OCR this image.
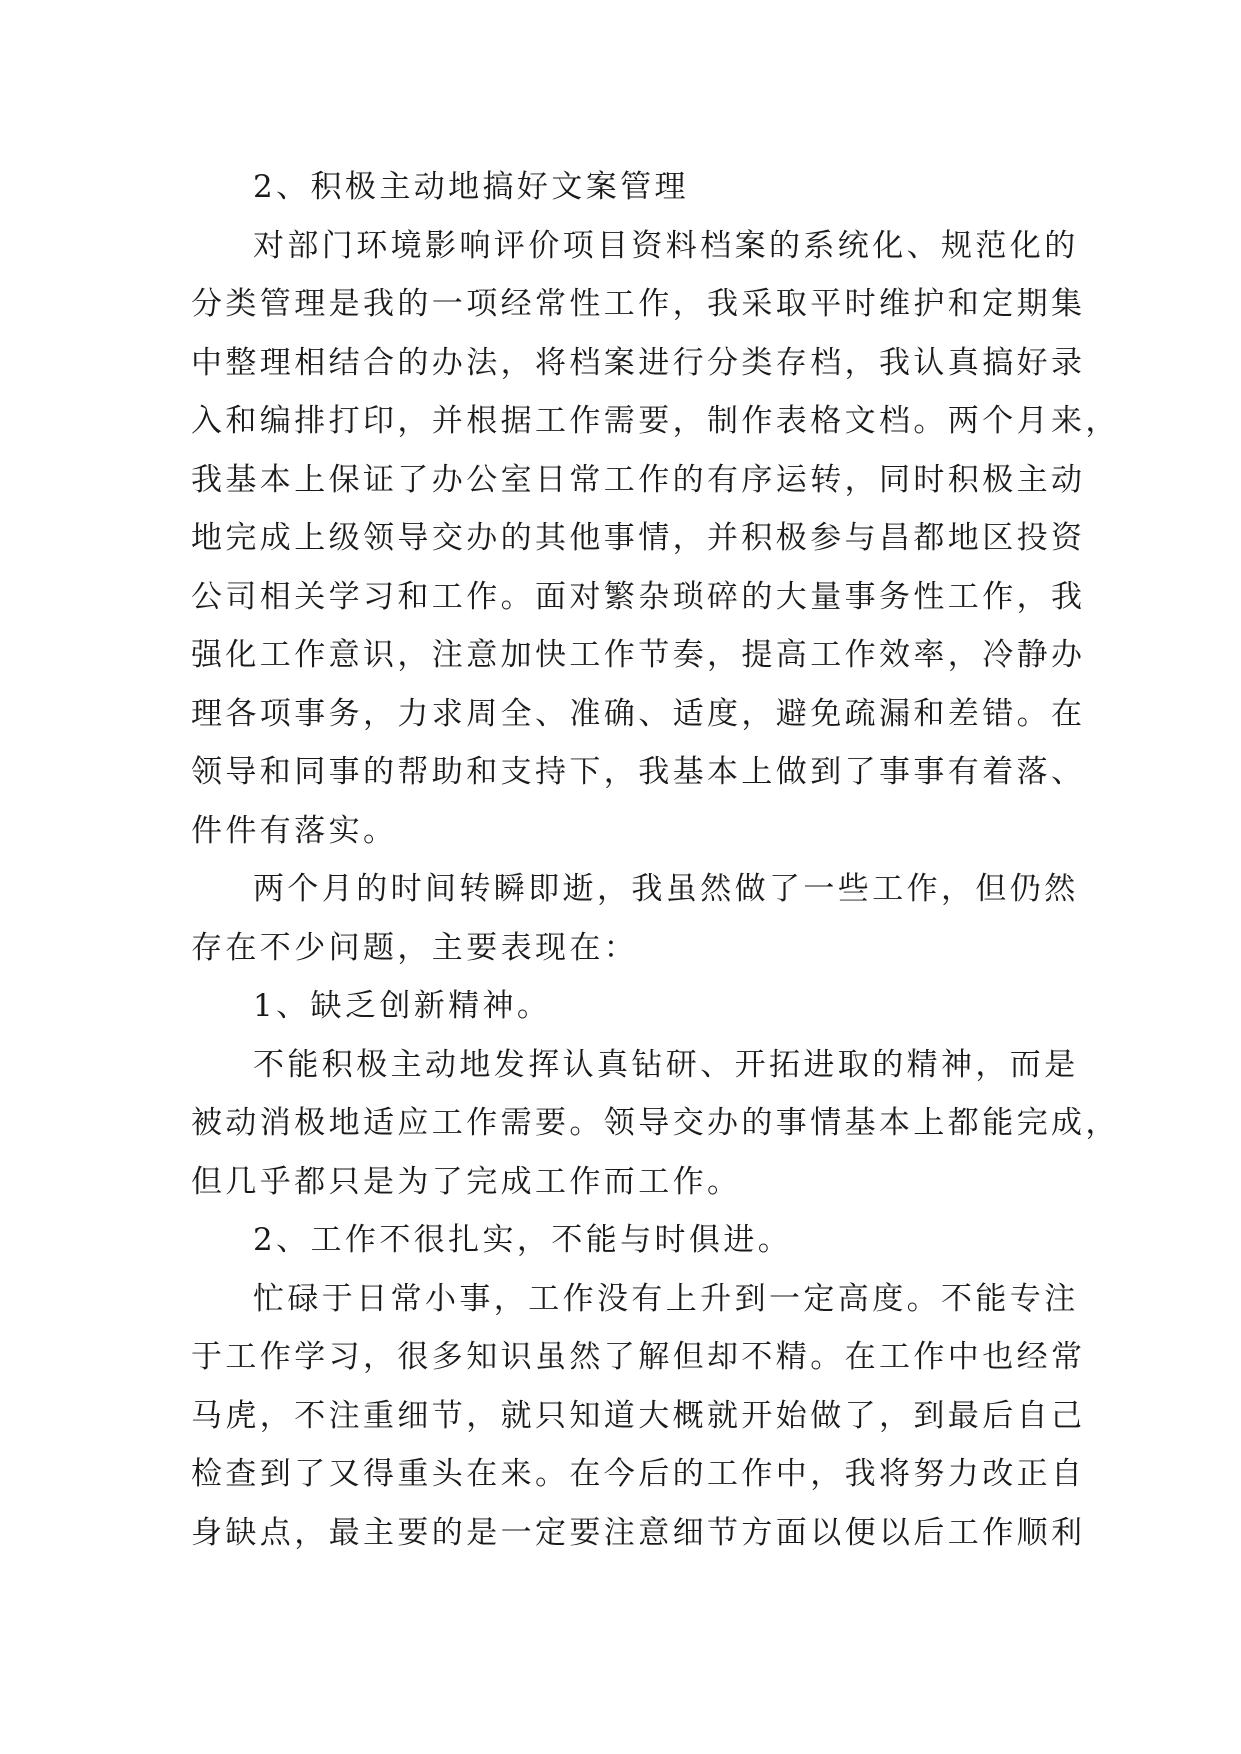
2、积极主动地搞好文案管理
对部门环境影响评价项目资料档案的系统化、规范化的
分类管理是我的一项经常性工作，我采取平时维护和定期集
中整理相结合的办法，将档案进行分类存档，我认真搞好录
入和编排打印，并根据工作需要，制作表格文档。两个月来，
我基本上保证了办公室日常工作的有序运转，同时积极主动
地完成上级领导交办的其他事情，并积极参与昌都地区投资
公司相关学习和工作。面对繁杂琐碎的大量事务性工作，我
强化工作意识，注意加快工作节奏，提高工作效率，冷静办
理各项事务，力求周全、准确、适度，避免疏漏和差错。在
领导和同事的帮助和支持下，我基本上做到了事事有着落、
件件有落实。
两个月的时间转瞬即逝，我虽然做了一些工作，但仍然
存在不少问题，主要表现在：
1、缺乏创新精神。
不能积极主动地发挥认真钻研、开拓进取的精神，而是
被动消极地适应工作需要。领导交办的事情基本上都能完成，
但几乎都只是为了完成工作而工作。
2、工作不很扎实，不能与时俱进。
忙碌于日常小事，工作没有上升到一定高度。不能专注
于工作学习，很多知识虽然了解但却不精。在工作中也经常
马虎，不注重细节，就只知道大概就开始做了，到最后自己
检查到了又得重头在来。在今后的工作中，我将努力改正自
身缺点，最主要的是一定要注意细节方面以便以后工作顺利
